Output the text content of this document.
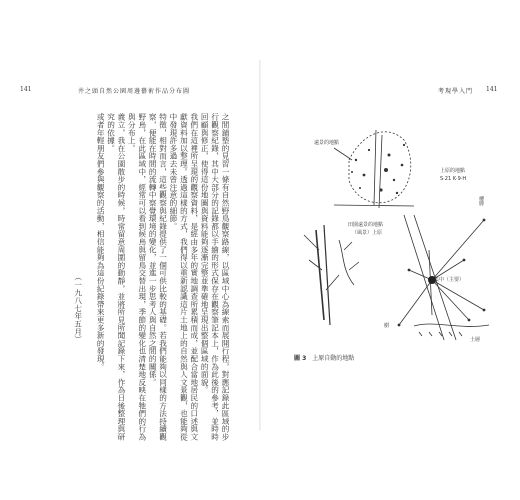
141	井之頭自然公園周邊藝術作品分布圖

之間鋪墊的見習一條有自然野鳥觀察路線，以區域中心為線索而展開行程，對應記錄此區域的步行觀察紀錄，其中大部分的記錄都以手繪的形式保存在觀察筆記本上，作為此後的參考，並時時回顧與修正，使得這份地圖與資料能夠逐漸完整並準確地呈現出整個區域的面貌。

我們在這裡所呈現的觀察資料，是經由多年的實地調查所累積而成，並配合當地居民的口述與文獻資料加以整理。透過這樣的方式，我們得以重新認識這片土地上的自然與人文景觀，也能夠從中發現許多過去未曾注意的細節。

特徵，相對而言，這些觀察與紀錄提供了一個可供比較的基礎。若我們能夠以同樣的方法持續觀察，便能在時間的流轉中察覺環境的變化，並進一步思考人與自然之間的關係。

野鳥，在此區域中，經常可以看到候鳥與留鳥交替出現，季節的變化也清楚地反映在牠們的行為與分布上。

義立，我在公園散步的時候，時常留意周圍的動靜，並將所見所聞記錄下來，作為日後整理與研究的依據。

或者年輕朋友們參與觀察的活動，相信能夠為這份紀錄帶來更多新的發現。

（一九八七年五月）

考現學入門 141
遠景的地點
上原的地點
S·21 K·9·H
田園遠景的地點
（風景）上原
樓牌
集中（主要）
樹
土層
圖 3 上原自動的地點
